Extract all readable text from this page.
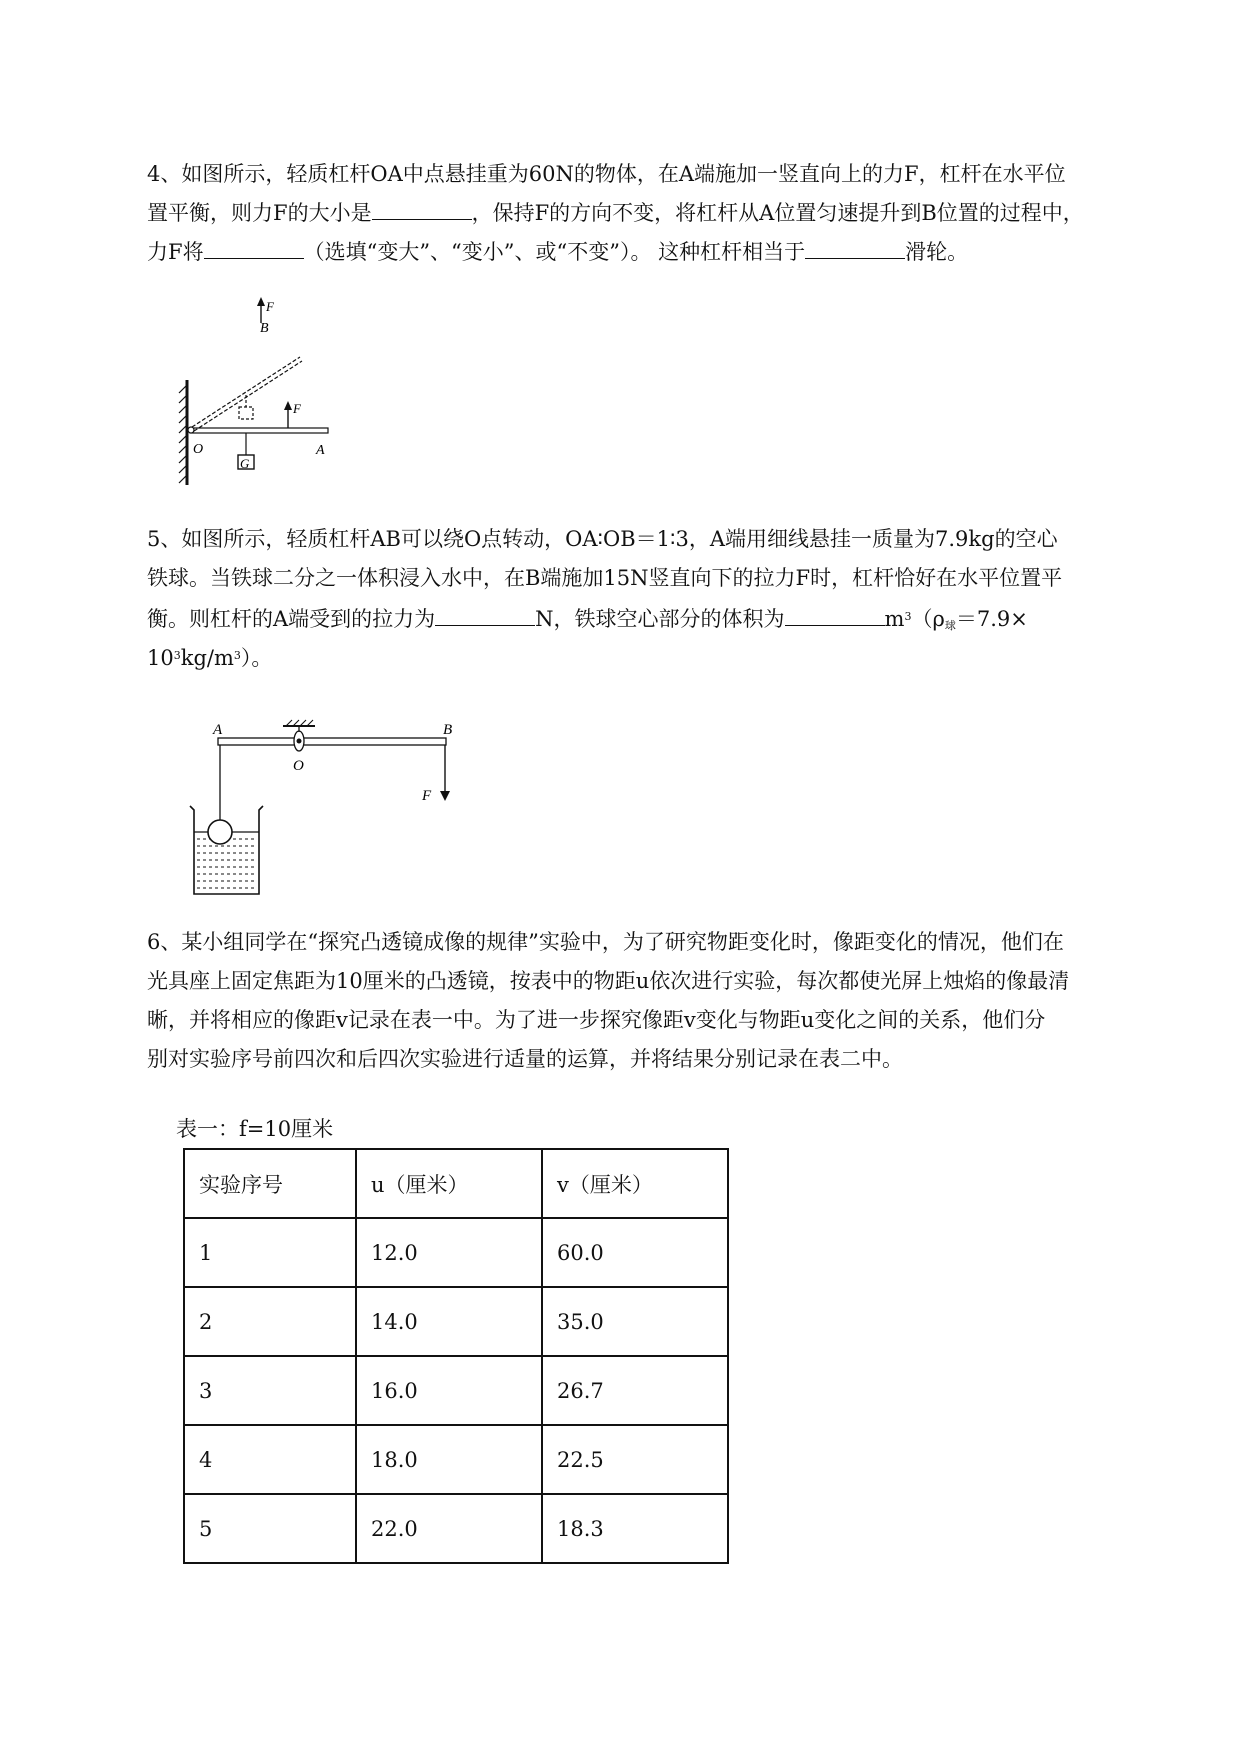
4、如图所示，轻质杠杆OA中点悬挂重为60N的物体，在A端施加一竖直向上的力F，杠杆在水平位
置平衡，则力F的大小是	，保持F的方向不变，将杠杆从A位置匀速提升到B位置的过程中，
力F将	（选填“变大”、“变小”、或“不变”）。 这种杠杆相当于	滑轮。
G
F
F
B
O	A
5、如图所示，轻质杠杆AB可以绕O点转动，OA∶OB＝1∶3，A端用细线悬挂一质量为7.9kg的空心
铁球。当铁球二分之一体积浸入水中，在B端施加15N竖直向下的拉力F时，杠杆恰好在水平位置平
衡。则杠杆的A端受到的拉力为	N，铁球空心部分的体积为	$m^3(\rho_球=7.9\times$
$10^3kg/m^3$）。
A	B
O
F
6、某小组同学在“探究凸透镜成像的规律”实验中，为了研究物距变化时，像距变化的情况，他们在
光具座上固定焦距为10厘米的凸透镜，按表中的物距u依次进行实验，每次都使光屏上烛焰的像最清
晰，并将相应的像距v记录在表一中。为了进一步探究像距v变化与物距u变化之间的关系，他们分
别对实验序号前四次和后四次实验进行适量的运算，并将结果分别记录在表二中。
表一：f=10厘米
实验序号	u（厘米）	v（厘米）
1	12.0	60.0
2	14.0	35.0
3	16.0	26.7
4	18.0	22.5
5	22.0	18.3
